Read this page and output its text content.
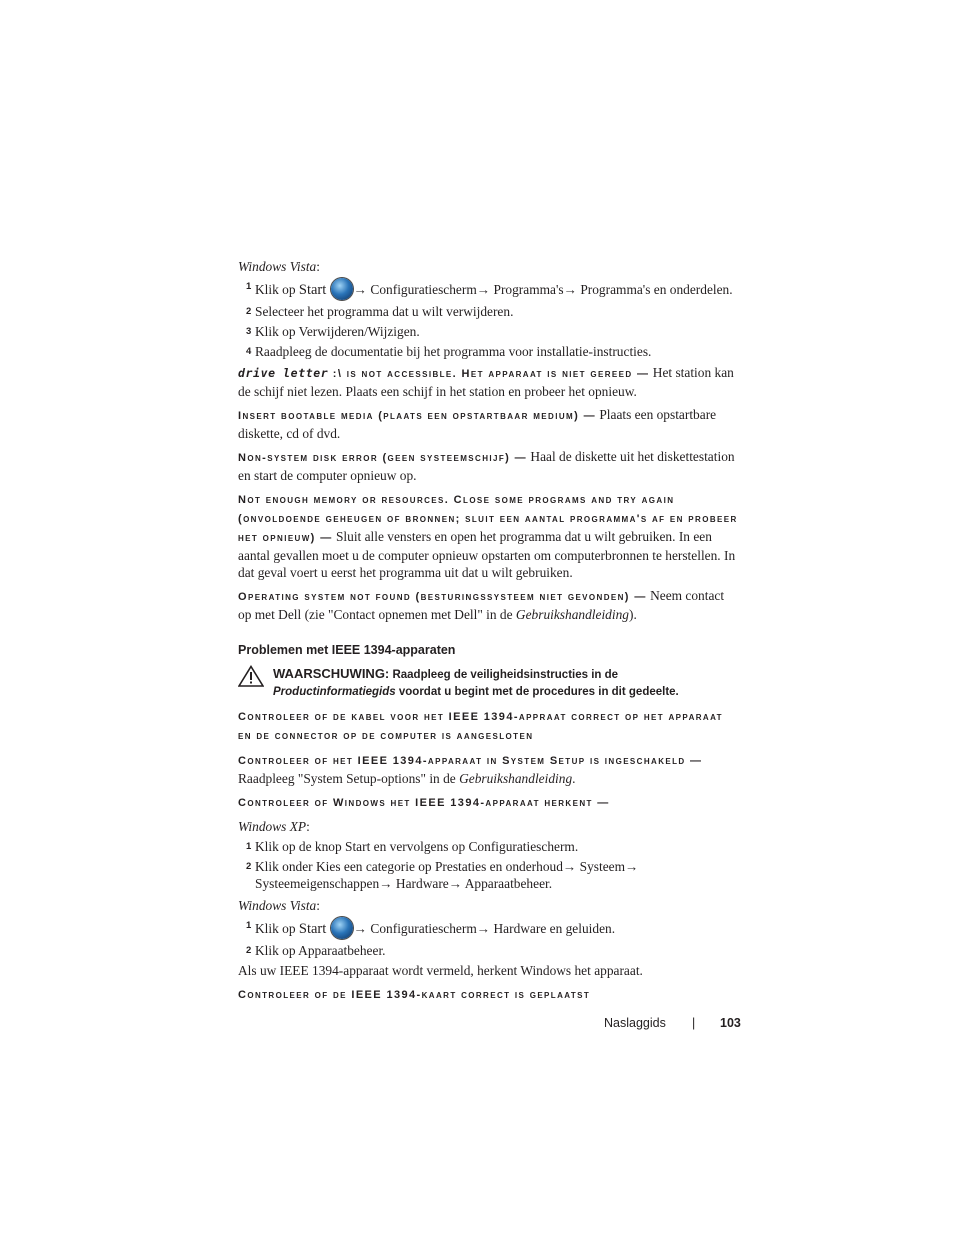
Windows Vista:
1 Klik op Start → Configuratiescherm→ Programma's→ Programma's en onderdelen.
2 Selecteer het programma dat u wilt verwijderen.
3 Klik op Verwijderen/Wijzigen.
4 Raadpleeg de documentatie bij het programma voor installatie-instructies.
drive letter :\ is not accessible. Het apparaat is niet gereed — Het station kan de schijf niet lezen. Plaats een schijf in het station en probeer het opnieuw.
Insert bootable media (plaats een opstartbaar medium) — Plaats een opstartbare diskette, cd of dvd.
Non-system disk error (geen systeemschijf) — Haal de diskette uit het diskettestation en start de computer opnieuw op.
Not enough memory or resources. Close some programs and try again (onvoldoende geheugen of bronnen; sluit een aantal programma's af en probeer het opnieuw) — Sluit alle vensters en open het programma dat u wilt gebruiken. In een aantal gevallen moet u de computer opnieuw opstarten om computerbronnen te herstellen. In dat geval voert u eerst het programma uit dat u wilt gebruiken.
Operating system not found (besturingssysteem niet gevonden) — Neem contact op met Dell (zie "Contact opnemen met Dell" in de Gebruikshandleiding).
Problemen met IEEE 1394-apparaten
WAARSCHUWING: Raadpleeg de veiligheidsinstructies in de Productinformatiegids voordat u begint met de procedures in dit gedeelte.
Controleer of de kabel voor het IEEE 1394-appraat correct op het apparaat en de connector op de computer is aangesloten
Controleer of het IEEE 1394-apparaat in System Setup is ingeschakeld —
Raadpleeg "System Setup-options" in de Gebruikshandleiding.
Controleer of Windows het IEEE 1394-apparaat herkent —
Windows XP:
1 Klik op de knop Start en vervolgens op Configuratiescherm.
2 Klik onder Kies een categorie op Prestaties en onderhoud→ Systeem→ Systeemeigenschappen→ Hardware→ Apparaatbeheer.
Windows Vista:
1 Klik op Start → Configuratiescherm→ Hardware en geluiden.
2 Klik op Apparaatbeheer.
Als uw IEEE 1394-apparaat wordt vermeld, herkent Windows het apparaat.
Controleer of de IEEE 1394-kaart correct is geplaatst
Naslaggids | 103
